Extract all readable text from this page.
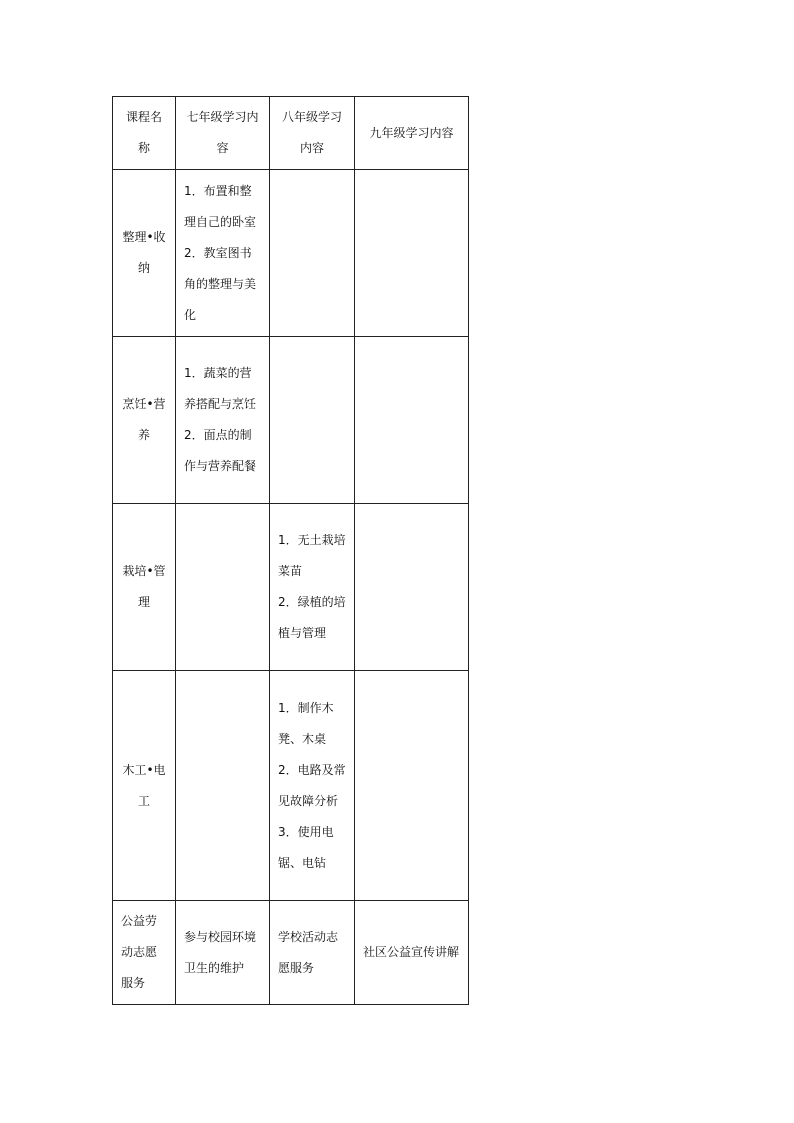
课程名称	七年级学习内容	八年级学习内容	九年级学习内容
整理•收纳	1．布置和整理自己的卧室 2．教室图书角的整理与美化		
烹饪•营养	1．蔬菜的营养搭配与烹饪 2．面点的制作与营养配餐		
栽培•管理		1．无土栽培菜苗
2．绿植的培植与管理	

木工•电工		1．制作木凳、木桌
2．电路及常见故障分析
3．使用电锯、电钻	

公益劳动志愿服务	参与校园环境卫生的维护	学校活动志愿服务	社区公益宣传讲解
